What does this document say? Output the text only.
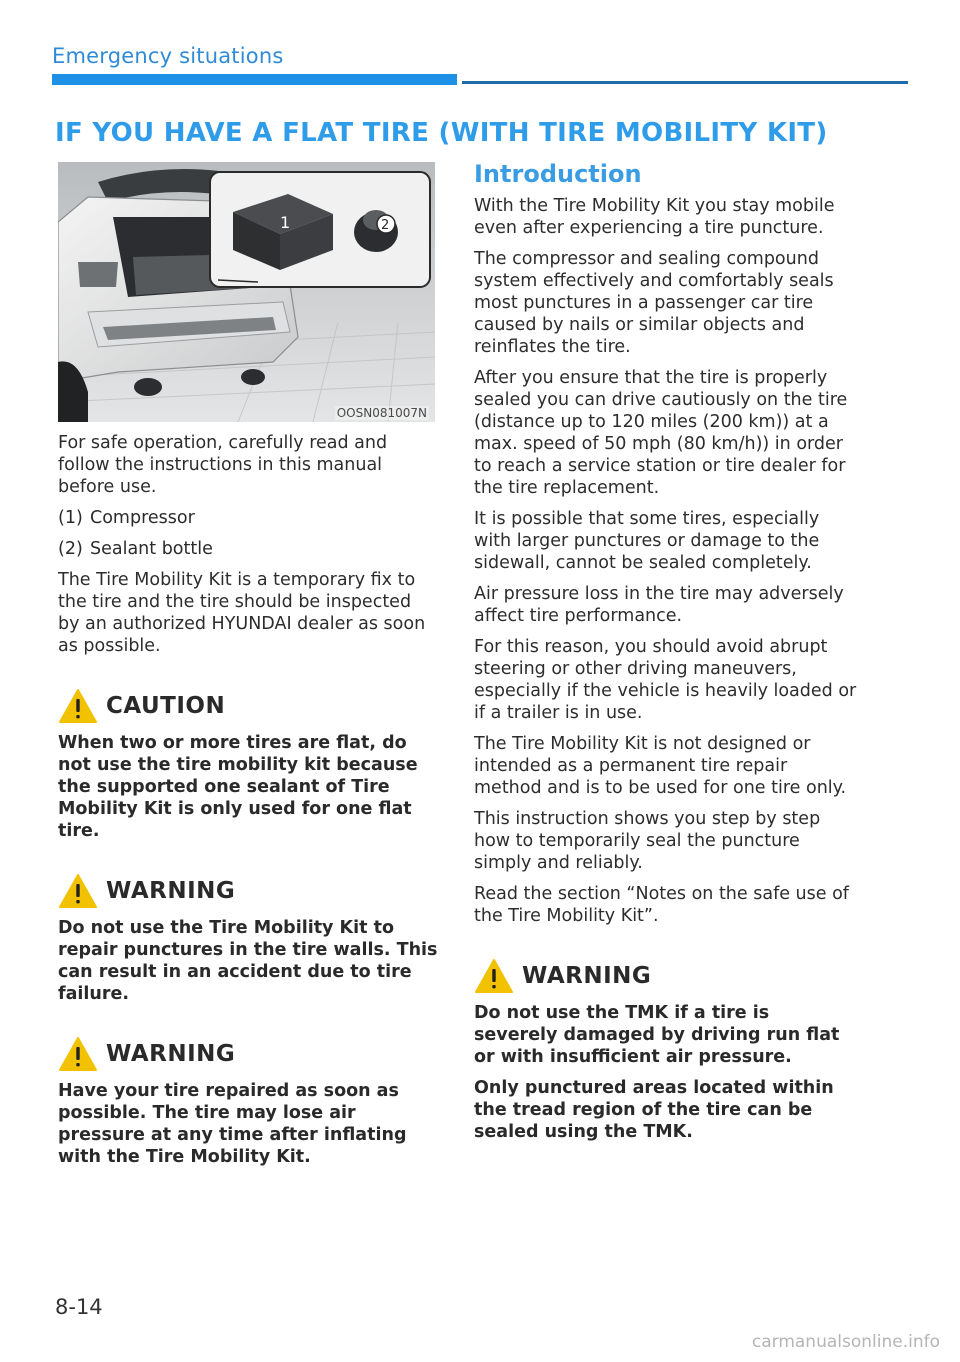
Emergency situations
IF YOU HAVE A FLAT TIRE (WITH TIRE MOBILITY KIT)
1	2
OOSN081007N

For safe operation, carefully read and follow the instructions in this manual before use.

(1) Compressor
(2) Sealant bottle

The Tire Mobility Kit is a temporary fix to the tire and the tire should be inspected by an authorized HYUNDAI dealer as soon as possible.

CAUTION

When two or more tires are flat, do not use the tire mobility kit because the supported one sealant of Tire Mobility Kit is only used for one flat tire.

WARNING

Do not use the Tire Mobility Kit to repair punctures in the tire walls. This can result in an accident due to tire failure.

WARNING

Have your tire repaired as soon as possible. The tire may lose air pressure at any time after inflating with the Tire Mobility Kit.

Introduction

With the Tire Mobility Kit you stay mobile even after experiencing a tire puncture.

The compressor and sealing compound system effectively and comfortably seals most punctures in a passenger car tire caused by nails or similar objects and reinflates the tire.

After you ensure that the tire is properly sealed you can drive cautiously on the tire (distance up to 120 miles (200 km)) at a max. speed of 50 mph (80 km/h)) in order to reach a service station or tire dealer for the tire replacement.

It is possible that some tires, especially with larger punctures or damage to the sidewall, cannot be sealed completely.

Air pressure loss in the tire may adversely affect tire performance.

For this reason, you should avoid abrupt steering or other driving maneuvers, especially if the vehicle is heavily loaded or if a trailer is in use.

The Tire Mobility Kit is not designed or intended as a permanent tire repair method and is to be used for one tire only.

This instruction shows you step by step how to temporarily seal the puncture simply and reliably.

Read the section “Notes on the safe use of the Tire Mobility Kit”.

WARNING

Do not use the TMK if a tire is severely damaged by driving run flat or with insufficient air pressure.

Only punctured areas located within the tread region of the tire can be sealed using the TMK.

8-14
carmanualsonline.info
